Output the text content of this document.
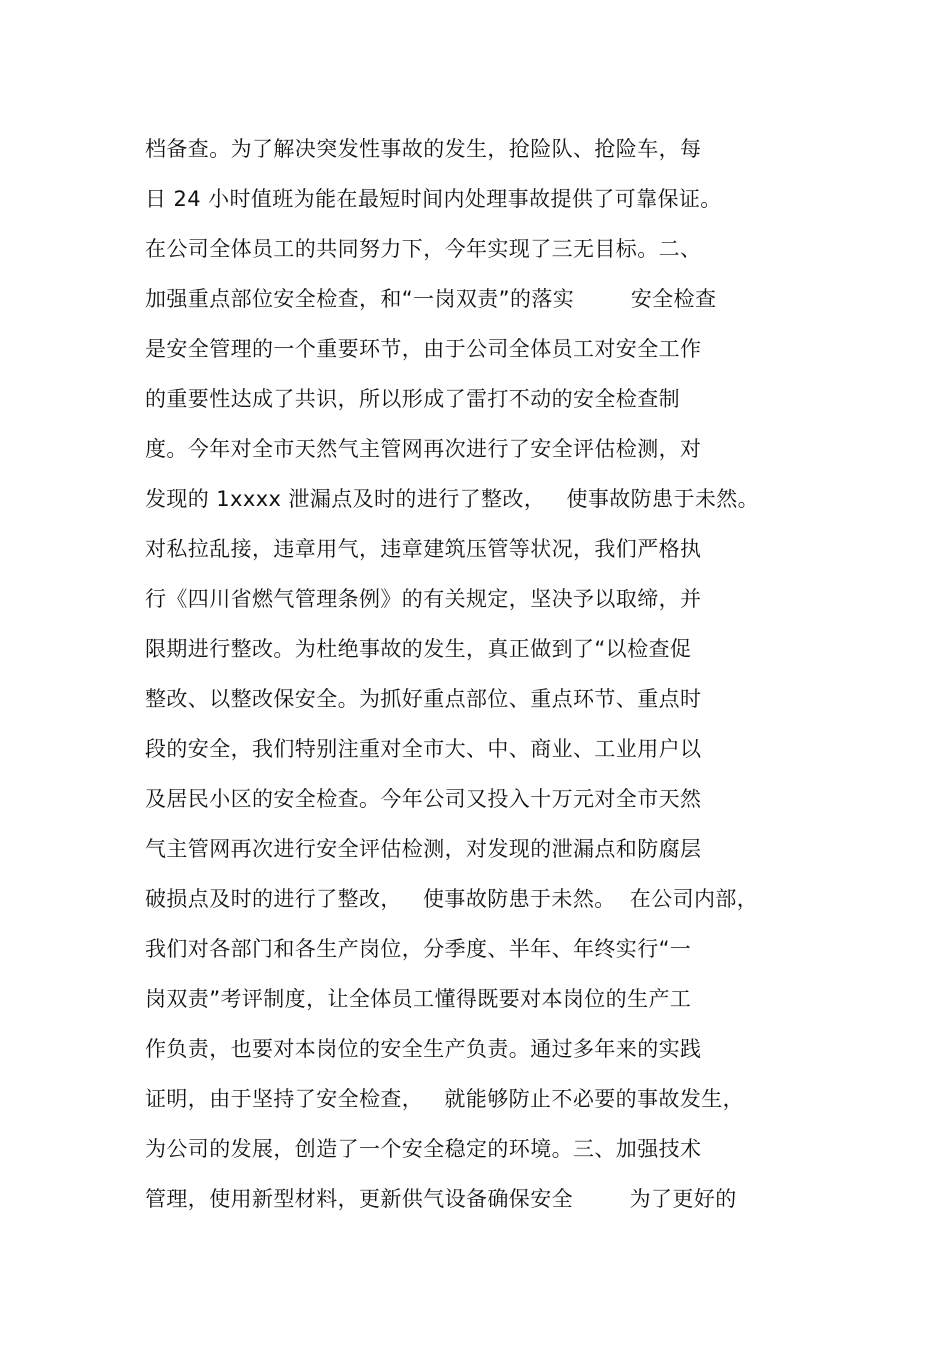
档备查。为了解决突发性事故的发生，抢险队、抢险车，每
日 24 小时值班为能在最短时间内处理事故提供了可靠保证。
在公司全体员工的共同努力下，今年实现了三无目标。二、
加强重点部位安全检查，和“一岗双责”的落实        安全检查
是安全管理的一个重要环节，由于公司全体员工对安全工作
的重要性达成了共识，所以形成了雷打不动的安全检查制
度。今年对全市天然气主管网再次进行了安全评估检测，对
发现的 1xxxx 泄漏点及时的进行了整改，   使事故防患于未然。
对私拉乱接，违章用气，违章建筑压管等状况，我们严格执
行《四川省燃气管理条例》的有关规定，坚决予以取缔，并
限期进行整改。为杜绝事故的发生，真正做到了“以检查促
整改、以整改保安全。为抓好重点部位、重点环节、重点时
段的安全，我们特别注重对全市大、中、商业、工业用户以
及居民小区的安全检查。今年公司又投入十万元对全市天然
气主管网再次进行安全评估检测，对发现的泄漏点和防腐层
破损点及时的进行了整改，   使事故防患于未然。  在公司内部，
我们对各部门和各生产岗位，分季度、半年、年终实行“一
岗双责”考评制度，让全体员工懂得既要对本岗位的生产工
作负责，也要对本岗位的安全生产负责。通过多年来的实践
证明，由于坚持了安全检查，   就能够防止不必要的事故发生，
为公司的发展，创造了一个安全稳定的环境。三、加强技术
管理，使用新型材料，更新供气设备确保安全        为了更好的
